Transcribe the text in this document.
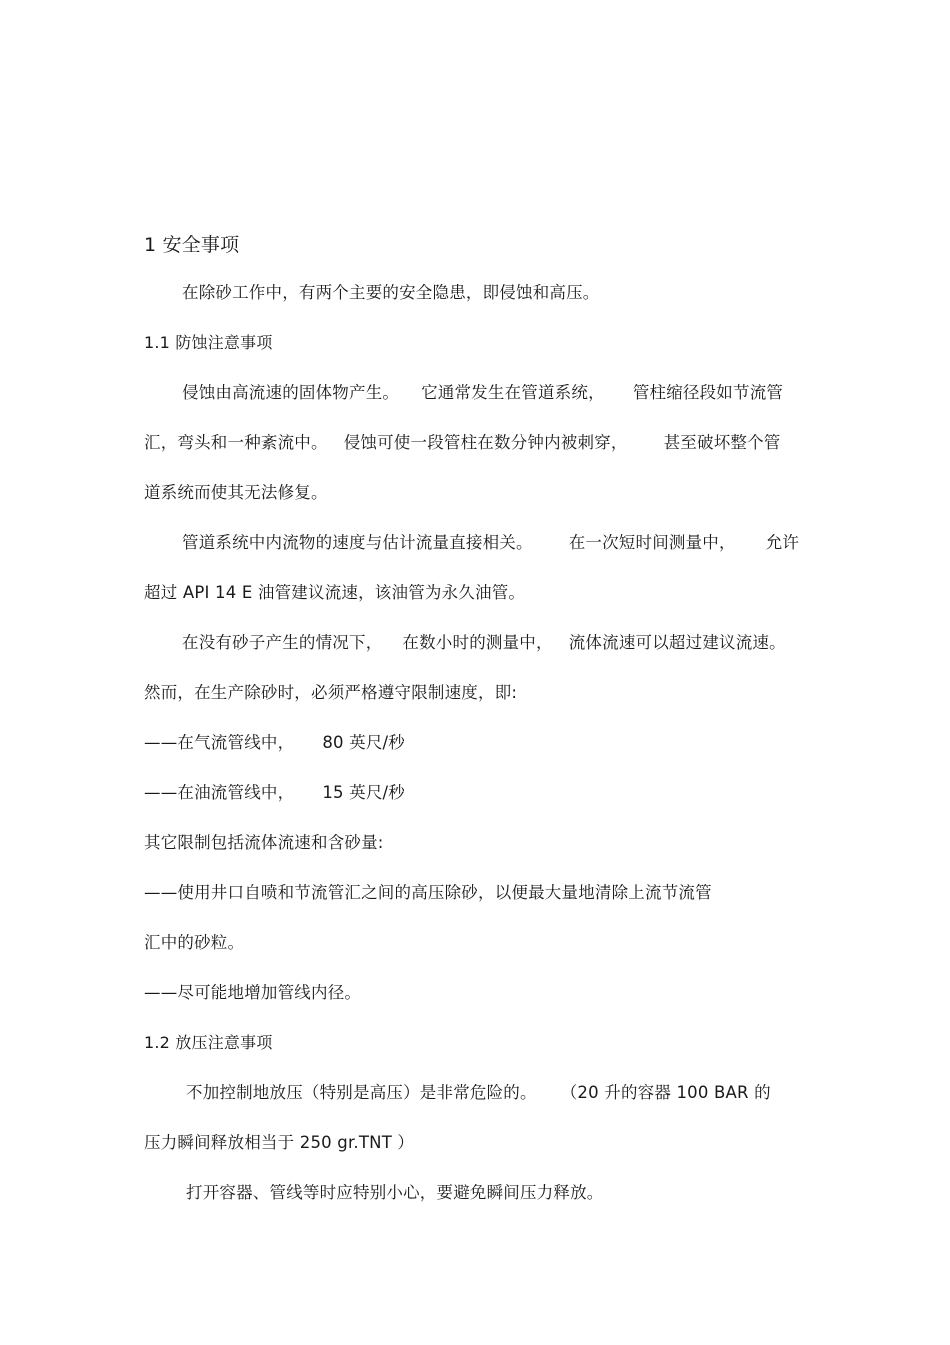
1 安全事项
在除砂工作中，有两个主要的安全隐患，即侵蚀和高压。
1.1 防蚀注意事项
侵蚀由高流速的固体物产生。 它通常发生在管道系统， 管柱缩径段如节流管
汇，弯头和一种紊流中。 侵蚀可使一段管柱在数分钟内被刺穿， 甚至破坏整个管
道系统而使其无法修复。
管道系统中内流物的速度与估计流量直接相关。 在一次短时间测量中， 允许
超过 API 14 E 油管建议流速，该油管为永久油管。
在没有砂子产生的情况下， 在数小时的测量中， 流体流速可以超过建议流速。
然而，在生产除砂时，必须严格遵守限制速度，即:
——在气流管线中， 80 英尺/秒
——在油流管线中， 15 英尺/秒
其它限制包括流体流速和含砂量:
——使用井口自喷和节流管汇之间的高压除砂，以便最大量地清除上流节流管
汇中的砂粒。
——尽可能地增加管线内径。
1.2 放压注意事项
不加控制地放压（特别是高压）是非常危险的。 （20 升的容器 100 BAR 的
压力瞬间释放相当于 250 gr.TNT ）
打开容器、管线等时应特别小心，要避免瞬间压力释放。
